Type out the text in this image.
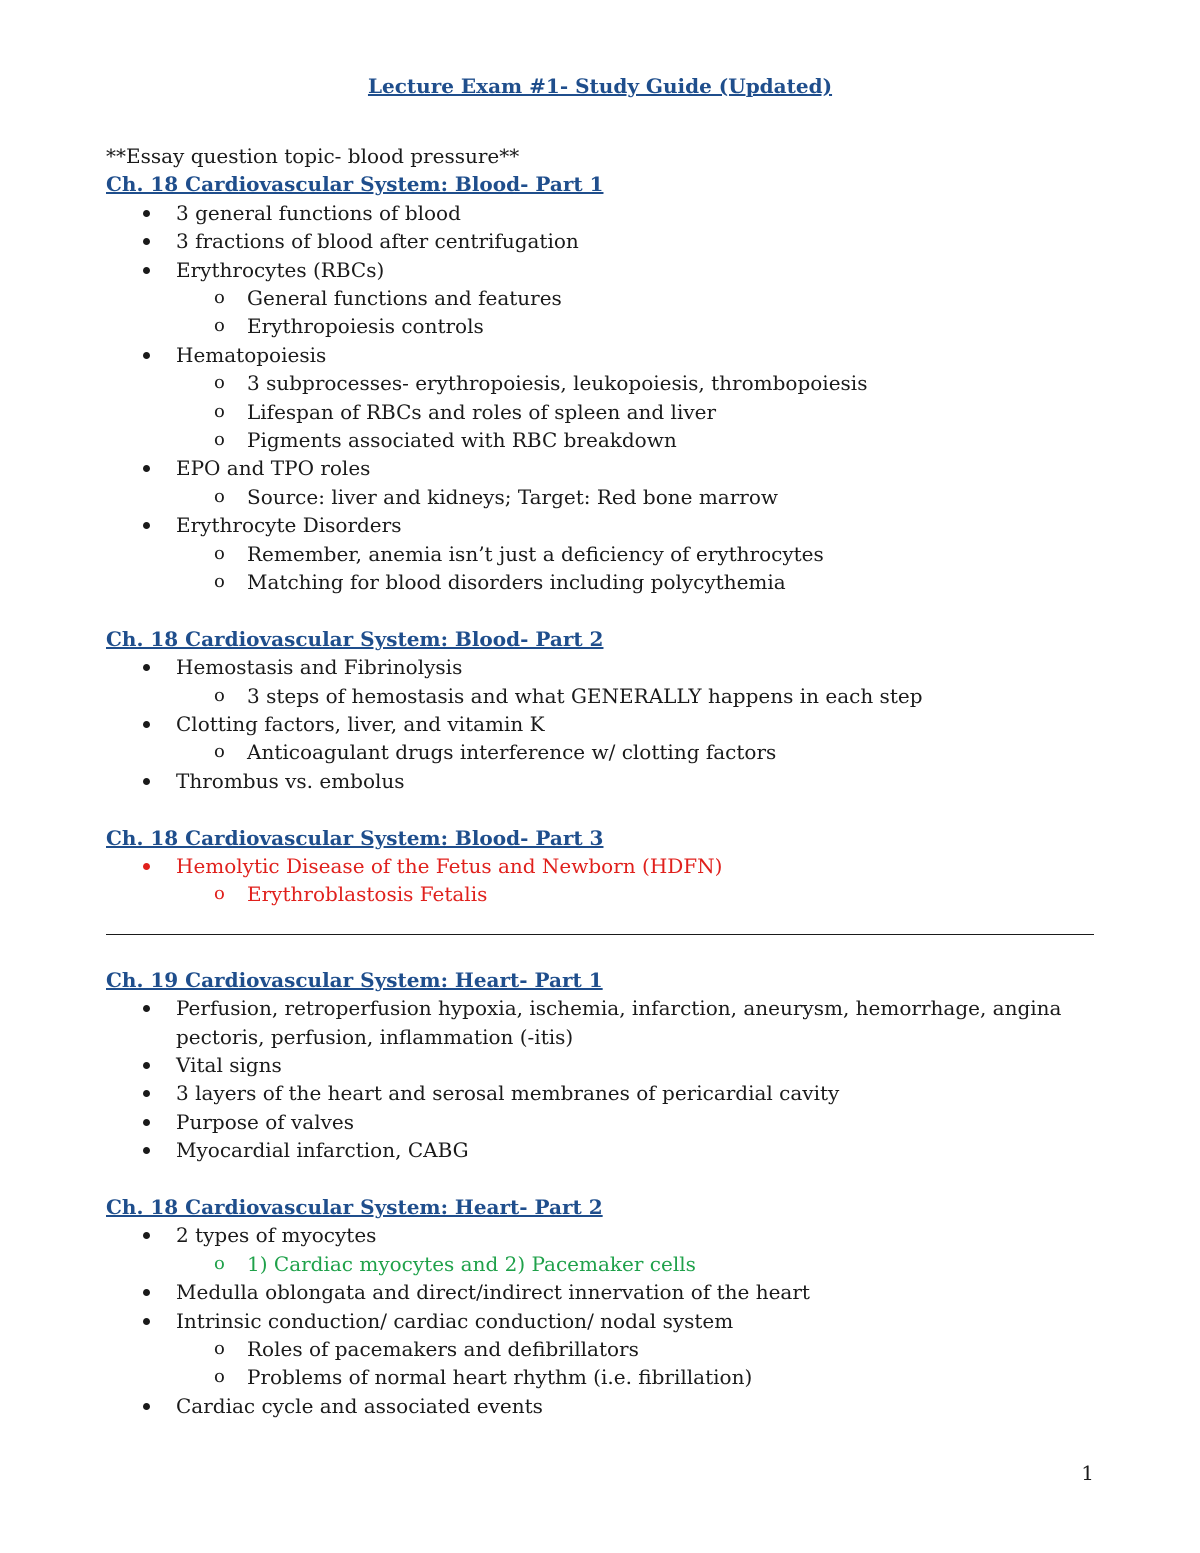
Lecture Exam #1- Study Guide (Updated)
**Essay question topic- blood pressure**
Ch. 18 Cardiovascular System: Blood- Part 1
3 general functions of blood
3 fractions of blood after centrifugation
Erythrocytes (RBCs)
o General functions and features
o Erythropoiesis controls
Hematopoiesis
o 3 subprocesses- erythropoiesis, leukopoiesis, thrombopoiesis
o Lifespan of RBCs and roles of spleen and liver
o Pigments associated with RBC breakdown
EPO and TPO roles
o Source: liver and kidneys; Target: Red bone marrow
Erythrocyte Disorders
o Remember, anemia isn’t just a deficiency of erythrocytes
o Matching for blood disorders including polycythemia
Ch. 18 Cardiovascular System: Blood- Part 2
Hemostasis and Fibrinolysis
o 3 steps of hemostasis and what GENERALLY happens in each step
Clotting factors, liver, and vitamin K
o Anticoagulant drugs interference w/ clotting factors
Thrombus vs. embolus
Ch. 18 Cardiovascular System: Blood- Part 3
Hemolytic Disease of the Fetus and Newborn (HDFN)
o Erythroblastosis Fetalis
Ch. 19 Cardiovascular System: Heart- Part 1
Perfusion, retroperfusion hypoxia, ischemia, infarction, aneurysm, hemorrhage, angina
pectoris, perfusion, inflammation (-itis)
Vital signs
3 layers of the heart and serosal membranes of pericardial cavity
Purpose of valves
Myocardial infarction, CABG
Ch. 18 Cardiovascular System: Heart- Part 2
2 types of myocytes
o 1) Cardiac myocytes and 2) Pacemaker cells
Medulla oblongata and direct/indirect innervation of the heart
Intrinsic conduction/ cardiac conduction/ nodal system
o Roles of pacemakers and defibrillators
o Problems of normal heart rhythm (i.e. fibrillation)
Cardiac cycle and associated events
1
